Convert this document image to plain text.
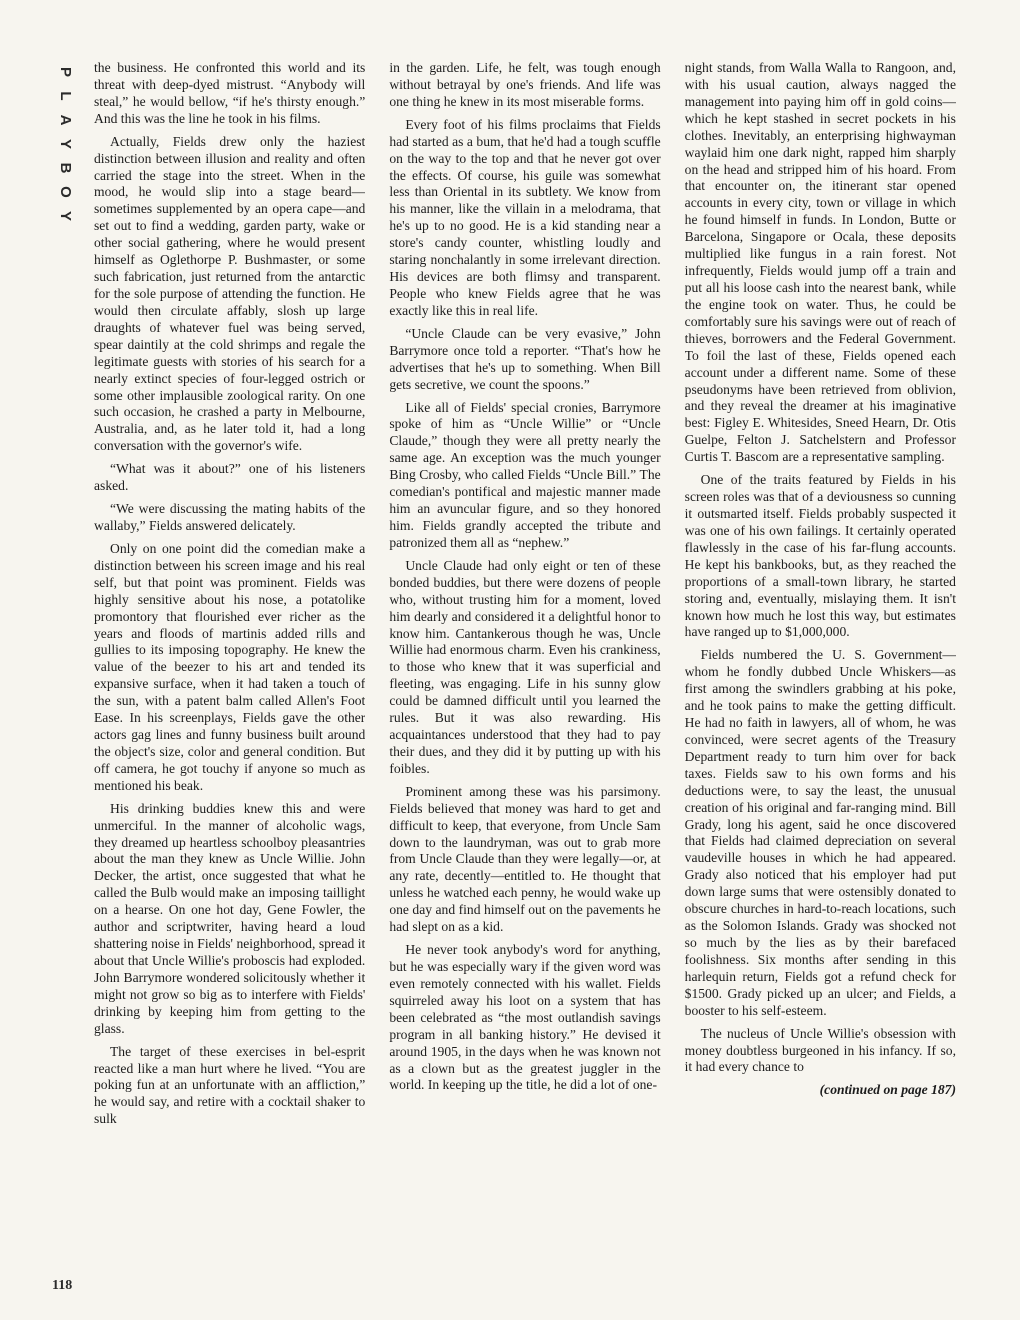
P
L
A
Y
B
O
Y
118

the business. He confronted this world and its threat with deep-dyed mistrust. “Anybody will steal,” he would bellow, “if he's thirsty enough.” And this was the line he took in his films.

Actually, Fields drew only the haziest distinction between illusion and reality and often carried the stage into the street. When in the mood, he would slip into a stage beard—sometimes supplemented by an opera cape—and set out to find a wedding, garden party, wake or other social gathering, where he would present himself as Oglethorpe P. Bushmaster, or some such fabrication, just returned from the antarctic for the sole purpose of attending the function. He would then circulate affably, slosh up large draughts of whatever fuel was being served, spear daintily at the cold shrimps and regale the legitimate guests with stories of his search for a nearly extinct species of four-legged ostrich or some other implausible zoological rarity. On one such occasion, he crashed a party in Melbourne, Australia, and, as he later told it, had a long conversation with the governor's wife.

“What was it about?” one of his listeners asked.

“We were discussing the mating habits of the wallaby,” Fields answered delicately.

Only on one point did the comedian make a distinction between his screen image and his real self, but that point was prominent. Fields was highly sensitive about his nose, a potatolike promontory that flourished ever richer as the years and floods of martinis added rills and gullies to its imposing topography. He knew the value of the beezer to his art and tended its expansive surface, when it had taken a touch of the sun, with a patent balm called Allen's Foot Ease. In his screenplays, Fields gave the other actors gag lines and funny business built around the object's size, color and general condition. But off camera, he got touchy if anyone so much as mentioned his beak.

His drinking buddies knew this and were unmerciful. In the manner of alcoholic wags, they dreamed up heartless schoolboy pleasantries about the man they knew as Uncle Willie. John Decker, the artist, once suggested that what he called the Bulb would make an imposing taillight on a hearse. On one hot day, Gene Fowler, the author and scriptwriter, having heard a loud shattering noise in Fields' neighborhood, spread it about that Uncle Willie's proboscis had exploded. John Barrymore wondered solicitously whether it might not grow so big as to interfere with Fields' drinking by keeping him from getting to the glass.

The target of these exercises in bel-esprit reacted like a man hurt where he lived. “You are poking fun at an unfortunate with an affliction,” he would say, and retire with a cocktail shaker to sulk

in the garden. Life, he felt, was tough enough without betrayal by one's friends. And life was one thing he knew in its most miserable forms.

Every foot of his films proclaims that Fields had started as a bum, that he'd had a tough scuffle on the way to the top and that he never got over the effects. Of course, his guile was somewhat less than Oriental in its subtlety. We know from his manner, like the villain in a melodrama, that he's up to no good. He is a kid standing near a store's candy counter, whistling loudly and staring nonchalantly in some irrelevant direction. His devices are both flimsy and transparent. People who knew Fields agree that he was exactly like this in real life.

“Uncle Claude can be very evasive,” John Barrymore once told a reporter. “That's how he advertises that he's up to something. When Bill gets secretive, we count the spoons.”

Like all of Fields' special cronies, Barrymore spoke of him as “Uncle Willie” or “Uncle Claude,” though they were all pretty nearly the same age. An exception was the much younger Bing Crosby, who called Fields “Uncle Bill.” The comedian's pontifical and majestic manner made him an avuncular figure, and so they honored him. Fields grandly accepted the tribute and patronized them all as “nephew.”

Uncle Claude had only eight or ten of these bonded buddies, but there were dozens of people who, without trusting him for a moment, loved him dearly and considered it a delightful honor to know him. Cantankerous though he was, Uncle Willie had enormous charm. Even his crankiness, to those who knew that it was superficial and fleeting, was engaging. Life in his sunny glow could be damned difficult until you learned the rules. But it was also rewarding. His acquaintances understood that they had to pay their dues, and they did it by putting up with his foibles.

Prominent among these was his parsimony. Fields believed that money was hard to get and difficult to keep, that everyone, from Uncle Sam down to the laundryman, was out to grab more from Uncle Claude than they were legally—or, at any rate, decently—entitled to. He thought that unless he watched each penny, he would wake up one day and find himself out on the pavements he had slept on as a kid.

He never took anybody's word for anything, but he was especially wary if the given word was even remotely connected with his wallet. Fields squirreled away his loot on a system that has been celebrated as “the most outlandish savings program in all banking history.” He devised it around 1905, in the days when he was known not as a clown but as the greatest juggler in the world. In keeping up the title, he did a lot of one-

night stands, from Walla Walla to Rangoon, and, with his usual caution, always nagged the management into paying him off in gold coins—which he kept stashed in secret pockets in his clothes. Inevitably, an enterprising highwayman waylaid him one dark night, rapped him sharply on the head and stripped him of his hoard. From that encounter on, the itinerant star opened accounts in every city, town or village in which he found himself in funds. In London, Butte or Barcelona, Singapore or Ocala, these deposits multiplied like fungus in a rain forest. Not infrequently, Fields would jump off a train and put all his loose cash into the nearest bank, while the engine took on water. Thus, he could be comfortably sure his savings were out of reach of thieves, borrowers and the Federal Government. To foil the last of these, Fields opened each account under a different name. Some of these pseudonyms have been retrieved from oblivion, and they reveal the dreamer at his imaginative best: Figley E. Whitesides, Sneed Hearn, Dr. Otis Guelpe, Felton J. Satchelstern and Professor Curtis T. Bascom are a representative sampling.

One of the traits featured by Fields in his screen roles was that of a deviousness so cunning it outsmarted itself. Fields probably suspected it was one of his own failings. It certainly operated flawlessly in the case of his far-flung accounts. He kept his bankbooks, but, as they reached the proportions of a small-town library, he started storing and, eventually, mislaying them. It isn't known how much he lost this way, but estimates have ranged up to $1,000,000.

Fields numbered the U. S. Government—whom he fondly dubbed Uncle Whiskers—as first among the swindlers grabbing at his poke, and he took pains to make the getting difficult. He had no faith in lawyers, all of whom, he was convinced, were secret agents of the Treasury Department ready to turn him over for back taxes. Fields saw to his own forms and his deductions were, to say the least, the unusual creation of his original and far-ranging mind. Bill Grady, long his agent, said he once discovered that Fields had claimed depreciation on several vaudeville houses in which he had appeared. Grady also noticed that his employer had put down large sums that were ostensibly donated to obscure churches in hard-to-reach locations, such as the Solomon Islands. Grady was shocked not so much by the lies as by their barefaced foolishness. Six months after sending in this harlequin return, Fields got a refund check for $1500. Grady picked up an ulcer; and Fields, a booster to his self-esteem.

The nucleus of Uncle Willie's obsession with money doubtless burgeoned in his infancy. If so, it had every chance to

(continued on page 187)
